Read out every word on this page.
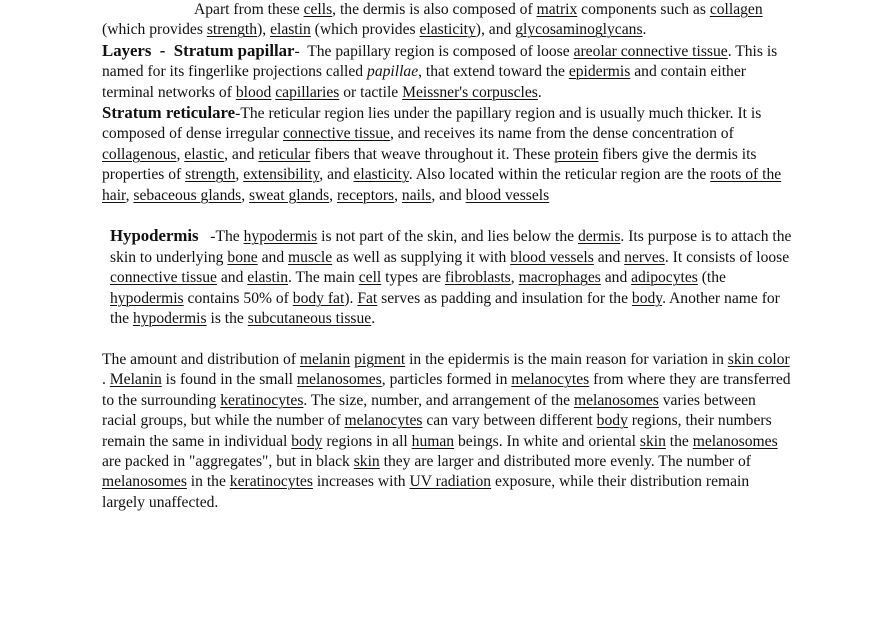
Apart from these cells, the dermis is also composed of matrix components such as collagen (which provides strength), elastin (which provides elasticity), and glycosaminoglycans.

Layers  -  Stratum papillar-  The papillary region is composed of loose areolar connective tissue. This is named for its fingerlike projections called papillae, that extend toward the epidermis and contain either terminal networks of blood capillaries or tactile Meissner's corpuscles.

Stratum reticulare-The reticular region lies under the papillary region and is usually much thicker. It is composed of dense irregular connective tissue, and receives its name from the dense concentration of collagenous, elastic, and reticular fibers that weave throughout it. These protein fibers give the dermis its properties of strength, extensibility, and elasticity. Also located within the reticular region are the roots of the hair, sebaceous glands, sweat glands, receptors, nails, and blood vessels

Hypodermis   -The hypodermis is not part of the skin, and lies below the dermis. Its purpose is to attach the skin to underlying bone and muscle as well as supplying it with blood vessels and nerves. It consists of loose connective tissue and elastin. The main cell types are fibroblasts, macrophages and adipocytes (the hypodermis contains 50% of body fat). Fat serves as padding and insulation for the body. Another name for the hypodermis is the subcutaneous tissue.

The amount and distribution of melanin pigment in the epidermis is the main reason for variation in skin color . Melanin is found in the small melanosomes, particles formed in melanocytes from where they are transferred to the surrounding keratinocytes. The size, number, and arrangement of the melanosomes varies between racial groups, but while the number of melanocytes can vary between different body regions, their numbers remain the same in individual body regions in all human beings. In white and oriental skin the melanosomes are packed in "aggregates", but in black skin they are larger and distributed more evenly. The number of melanosomes in the keratinocytes increases with UV radiation exposure, while their distribution remain largely unaffected.
